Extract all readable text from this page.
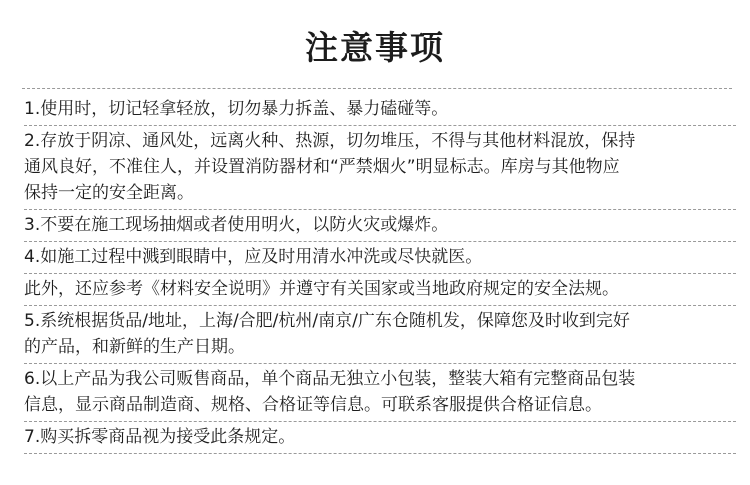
注意事项
1.使用时，切记轻拿轻放，切勿暴力拆盖、暴力磕碰等。
2.存放于阴凉、通风处，远离火种、热源，切勿堆压，不得与其他材料混放，保持
通风良好，不准住人，并设置消防器材和“严禁烟火”明显标志。库房与其他物应
保持一定的安全距离。
3.不要在施工现场抽烟或者使用明火，以防火灾或爆炸。
4.如施工过程中溅到眼睛中，应及时用清水冲洗或尽快就医。
此外，还应参考《材料安全说明》并遵守有关国家或当地政府规定的安全法规。
5.系统根据货品/地址，上海/合肥/杭州/南京/广东仓随机发，保障您及时收到完好
的产品，和新鲜的生产日期。
6.以上产品为我公司贩售商品，单个商品无独立小包装，整装大箱有完整商品包装
信息，显示商品制造商、规格、合格证等信息。可联系客服提供合格证信息。
7.购买拆零商品视为接受此条规定。
